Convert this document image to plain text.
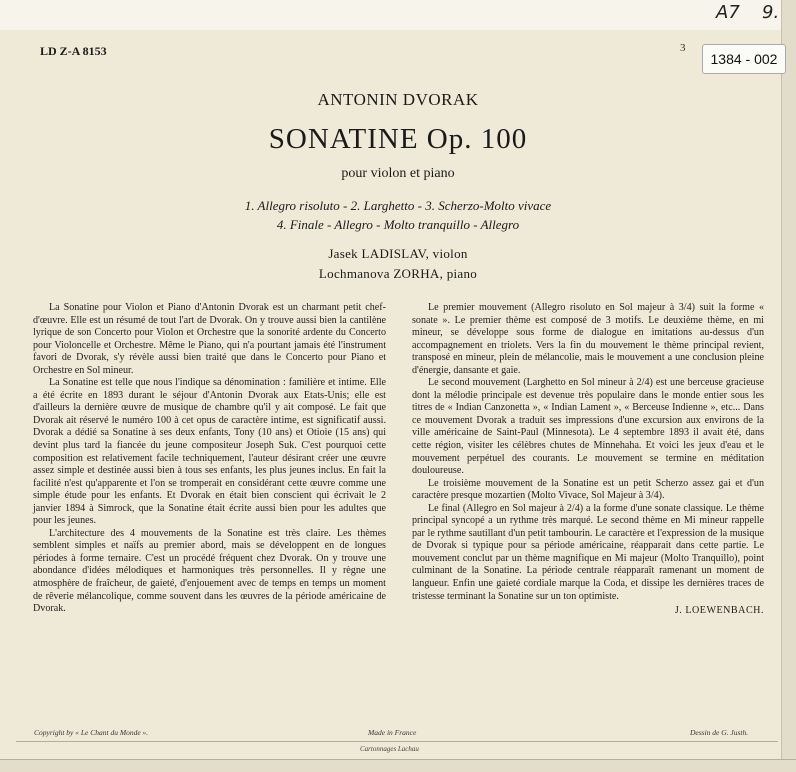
A7 9.
1384 - 002
LD Z-A 8153	3
ANTONIN DVORAK
SONATINE Op. 100
pour violon et piano
1. Allegro risoluto - 2. Larghetto - 3. Scherzo-Molto vivace
4. Finale - Allegro - Molto tranquillo - Allegro
Jasek LADISLAV, violon
Lochmanova ZORHA, piano

La Sonatine pour Violon et Piano d'Antonin Dvorak est un charmant petit chef-d'œuvre. Elle est un résumé de tout l'art de Dvorak. On y trouve aussi bien la cantilène lyrique de son Concerto pour Violon et Orchestre que la sonorité ardente du Concerto pour Violoncelle et Orchestre. Même le Piano, qui n'a pourtant jamais été l'instrument favori de Dvorak, s'y révèle aussi bien traité que dans le Concerto pour Piano et Orchestre en Sol mineur.

La Sonatine est telle que nous l'indique sa dénomination : familière et intime. Elle a été écrite en 1893 durant le séjour d'Antonin Dvorak aux Etats-Unis; elle est d'ailleurs la dernière œuvre de musique de chambre qu'il y ait composé. Le fait que Dvorak ait réservé le numéro 100 à cet opus de caractère intime, est significatif aussi. Dvorak a dédié sa Sonatine à ses deux enfants, Tony (10 ans) et Otioie (15 ans) qui devint plus tard la fiancée du jeune compositeur Joseph Suk. C'est pourquoi cette composition est relativement facile techniquement, l'auteur désirant créer une œuvre assez simple et destinée aussi bien à tous ses enfants, les plus jeunes inclus. En fait la facilité n'est qu'apparente et l'on se tromperait en considérant cette œuvre comme une simple étude pour les enfants. Et Dvorak en était bien conscient qui écrivait le 2 janvier 1894 à Simrock, que la Sonatine était écrite aussi bien pour les adultes que pour les jeunes.

L'architecture des 4 mouvements de la Sonatine est très claire. Les thèmes semblent simples et naïfs au premier abord, mais se développent en de longues périodes à forme ternaire. C'est un procédé fréquent chez Dvorak. On y trouve une abondance d'idées mélodiques et harmoniques très personnelles. Il y règne une atmosphère de fraîcheur, de gaieté, d'enjouement avec de temps en temps un moment de rêverie mélancolique, comme souvent dans les œuvres de la période américaine de Dvorak.

Le premier mouvement (Allegro risoluto en Sol majeur à 3/4) suit la forme « sonate ». Le premier thème est composé de 3 motifs. Le deuxième thème, en mi mineur, se développe sous forme de dialogue en imitations au-dessus d'un accompagnement en triolets. Vers la fin du mouvement le thème principal revient, transposé en mineur, plein de mélancolie, mais le mouvement a une conclusion pleine d'énergie, dansante et gaie.

Le second mouvement (Larghetto en Sol mineur à 2/4) est une berceuse gracieuse dont la mélodie principale est devenue très populaire dans le monde entier sous les titres de « Indian Canzonetta », « Indian Lament », « Berceuse Indienne », etc... Dans ce mouvement Dvorak a traduit ses impressions d'une excursion aux environs de la ville américaine de Saint-Paul (Minnesota). Le 4 septembre 1893 il avait été, dans cette région, visiter les célèbres chutes de Minnehaha. Et voici les jeux d'eau et le mouvement perpétuel des courants. Le mouvement se termine en méditation douloureuse.

Le troisième mouvement de la Sonatine est un petit Scherzo assez gai et d'un caractère presque mozartien (Molto Vivace, Sol Majeur à 3/4).

Le final (Allegro en Sol majeur à 2/4) a la forme d'une sonate classique. Le thème principal syncopé a un rythme très marqué. Le second thème en Mi mineur rappelle par le rythme sautillant d'un petit tambourin. Le caractère et l'expression de la musique de Dvorak si typique pour sa période américaine, réapparait dans cette partie. Le mouvement conclut par un thème magnifique en Mi majeur (Molto Tranquillo), point culminant de la Sonatine. La période centrale réapparaît ramenant un moment de langueur. Enfin une gaieté cordiale marque la Coda, et dissipe les dernières traces de tristesse terminant la Sonatine sur un ton optimiste.

J. LOEWENBACH.

Copyright by « Le Chant du Monde ».	Made in France	Dessin de G. Justh.
Cartonnages Lachau
